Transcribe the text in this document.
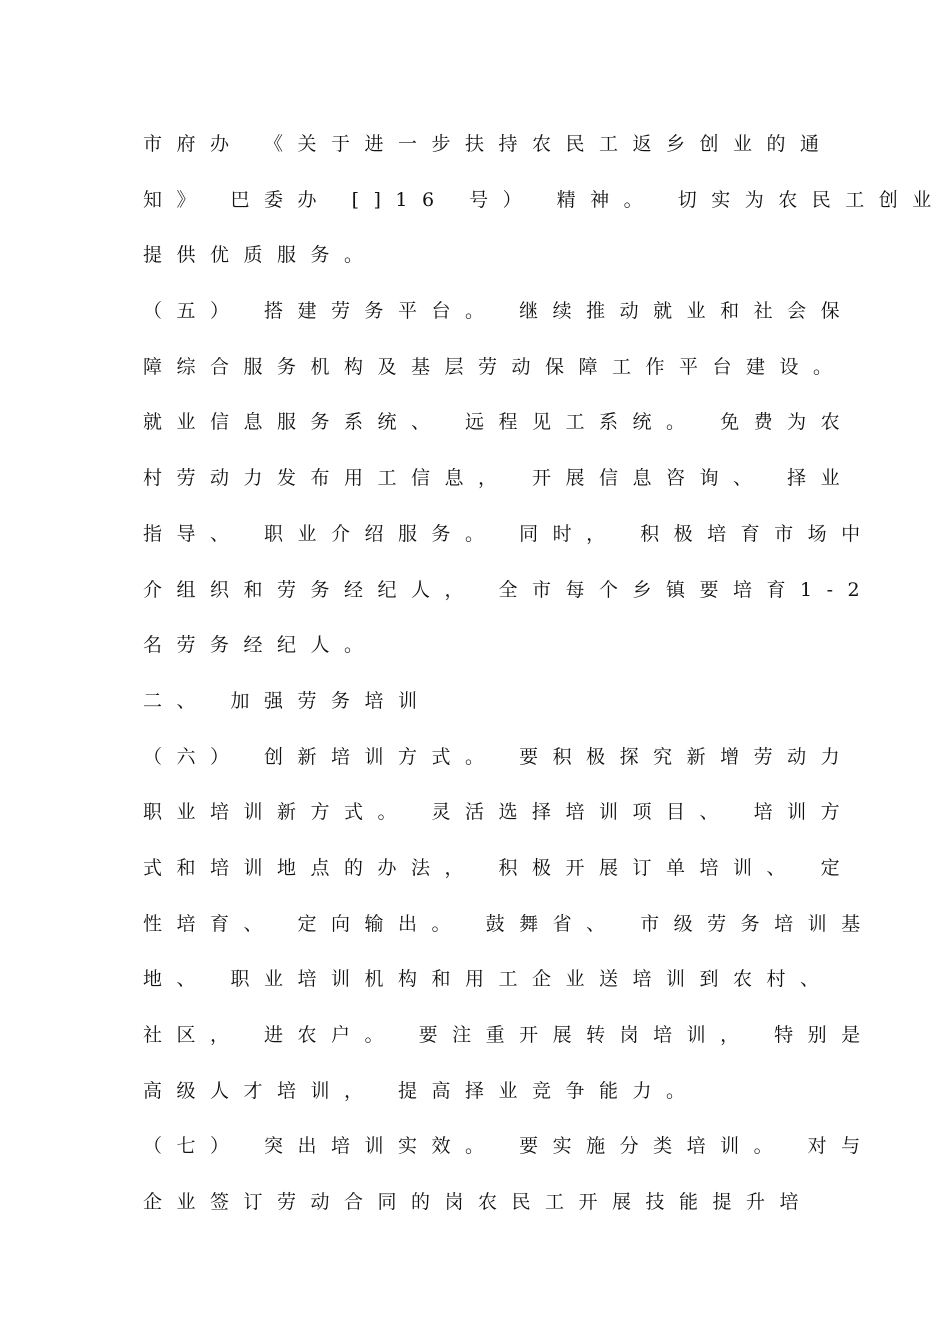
市府办 《关于进一步扶持农民工返乡创业的通
知》 巴委办 []16 号） 精神。 切实为农民工创业
提供优质服务。
（五） 搭建劳务平台。 继续推动就业和社会保
障综合服务机构及基层劳动保障工作平台建设。
就业信息服务系统、 远程见工系统。 免费为农
村劳动力发布用工信息， 开展信息咨询、 择业
指导、 职业介绍服务。 同时， 积极培育市场中
介组织和劳务经纪人， 全市每个乡镇要培育1-2
名劳务经纪人。
二、 加强劳务培训
（六） 创新培训方式。 要积极探究新增劳动力
职业培训新方式。 灵活选择培训项目、 培训方
式和培训地点的办法， 积极开展订单培训、 定
性培育、 定向输出。 鼓舞省、 市级劳务培训基
地、 职业培训机构和用工企业送培训到农村、
社区， 进农户。 要注重开展转岗培训， 特别是
高级人才培训， 提高择业竞争能力。
（七） 突出培训实效。 要实施分类培训。 对与
企业签订劳动合同的岗农民工开展技能提升培
